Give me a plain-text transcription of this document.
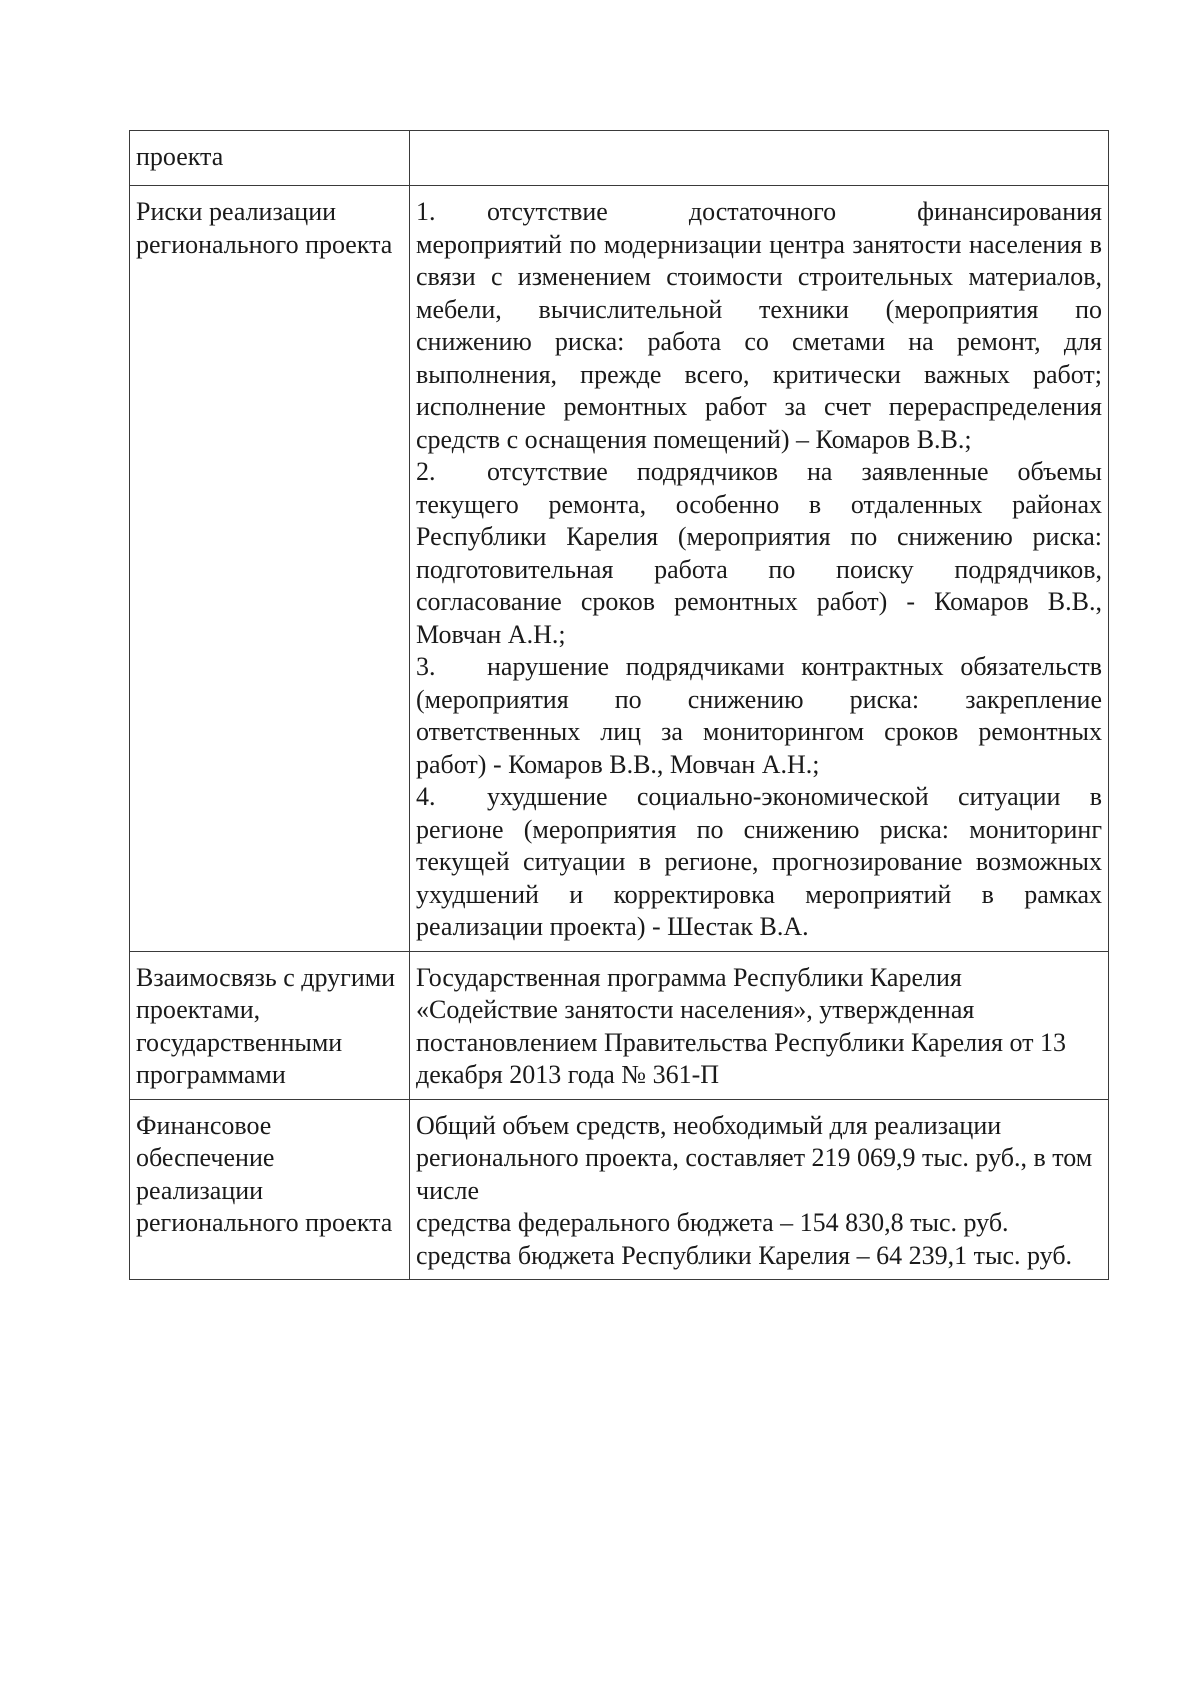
проекта	
Риски реализации регионального проекта	1. отсутствие достаточного финансирования мероприятий по модернизации центра занятости населения в связи с изменением стоимости строительных материалов, мебели, вычислительной техники (мероприятия по снижению риска: работа со сметами на ремонт, для выполнения, прежде всего, критически важных работ; исполнение ремонтных работ за счет перераспределения средств с оснащения помещений) – Комаров В.В.;

2. отсутствие подрядчиков на заявленные объемы текущего ремонта, особенно в отдаленных районах Республики Карелия (мероприятия по снижению риска: подготовительная работа по поиску подрядчиков, согласование сроков ремонтных работ) - Комаров В.В., Мовчан А.Н.;

3. нарушение подрядчиками контрактных обязательств (мероприятия по снижению риска: закрепление ответственных лиц за мониторингом сроков ремонтных работ) - Комаров В.В., Мовчан А.Н.;

4. ухудшение социально-экономической ситуации в регионе (мероприятия по снижению риска: мониторинг текущей ситуации в регионе, прогнозирование возможных ухудшений и корректировка мероприятий в рамках реализации проекта) - Шестак В.А.

Взаимосвязь с другими проектами, государственными программами	Государственная программа Республики Карелия «Содействие занятости населения», утвержденная постановлением Правительства Республики Карелия от 13 декабря 2013 года № 361-П
Финансовое обеспечение реализации регионального проекта	Общий объем средств, необходимый для реализации регионального проекта, составляет 219 069,9 тыс. руб., в том числе
средства федерального бюджета – 154 830,8 тыс. руб.
средства бюджета Республики Карелия – 64 239,1 тыс. руб.
